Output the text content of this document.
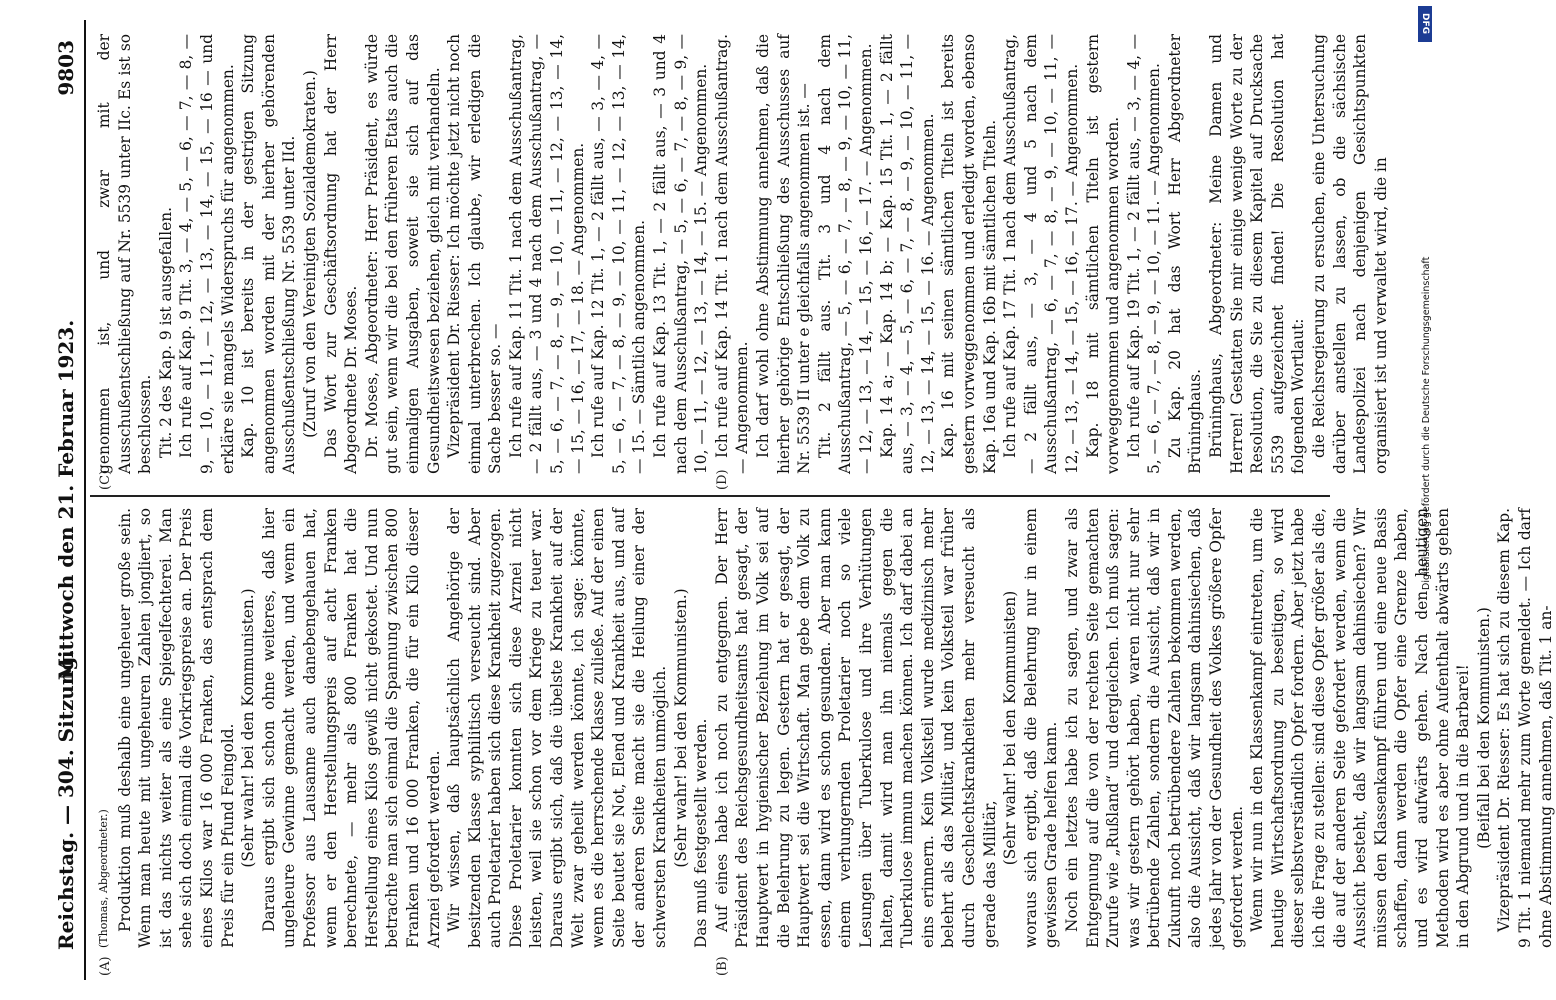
Reichstag. — 304. Sitzung.
Mittwoch den 21. Februar 1923.
9803
(A)	(B)
(C)	(D)

(Thomas, Abgeordneter.) Produktion muß deshalb eine ungeheuer große sein. Wenn man heute mit ungeheuren Zahlen jongliert, so ist das nichts weiter als eine Spiegelfechterei. Man sehe sich doch einmal die Vorkriegspreise an. Der Preis eines Kilos war 16 000 Franken, das entsprach dem Preis für ein Pfund Feingold. (Sehr wahr! bei den Kommunisten.) Daraus ergibt sich schon ohne weiteres, daß hier ungeheure Gewinne gemacht werden, und wenn ein Professor aus Lausanne auch danebengehauen hat, wenn er den Herstellungspreis auf acht Franken berechnete, — mehr als 800 Franken hat die Herstellung eines Kilos gewiß nicht gekostet. Und nun betrachte man sich einmal die Spannung zwischen 800 Franken und 16 000 Franken, die für ein Kilo dieser Arznei gefordert werden. Wir wissen, daß hauptsächlich Angehörige der besitzenden Klasse syphilitisch verseucht sind. Aber auch Proletarier haben sich diese Krankheit zugezogen. Diese Proletarier konnten sich diese Arznei nicht leisten, weil sie schon vor dem Kriege zu teuer war. Daraus ergibt sich, daß die übelste Krankheit auf der Welt zwar geheilt werden könnte, ich sage: könnte, wenn es die herrschende Klasse zuließe. Auf der einen Seite beutet sie Not, Elend und Krankheit aus, und auf der anderen Seite macht sie die Heilung einer der schwersten Krankheiten unmöglich. (Sehr wahr! bei den Kommunisten.) Das muß festgestellt werden. Auf eines habe ich noch zu entgegnen. Der Herr Präsident des Reichsgesundheitsamts hat gesagt, der Hauptwert in hygienischer Beziehung im Volk sei auf die Belehrung zu legen. Gestern hat er gesagt, der Hauptwert sei die Wirtschaft. Man gebe dem Volk zu essen, dann wird es schon gesunden. Aber man kann einem verhungernden Proletarier noch so viele Lesungen über Tuberkulose und ihre Verhütungen halten, damit wird man ihn niemals gegen die Tuberkulose immun machen können. Ich darf dabei an eins erinnern. Kein Volksteil wurde medizinisch mehr belehrt als das Militär, und kein Volksteil war früher durch Geschlechtskrankheiten mehr verseucht als gerade das Militär,

(Sehr wahr! bei den Kommunisten) woraus sich ergibt, daß die Belehrung nur in einem gewissen Grade helfen kann. Noch ein letztes habe ich zu sagen, und zwar als Entgegnung auf die von der rechten Seite gemachten Zurufe wie „Rußland“ und dergleichen. Ich muß sagen: was wir gestern gehört haben, waren nicht nur sehr betrübende Zahlen, sondern die Aussicht, daß wir in Zukunft noch betrübendere Zahlen bekommen werden, also die Aussicht, daß wir langsam dahinsiechen, daß jedes Jahr von der Gesundheit des Volkes größere Opfer gefordert werden. Wenn wir nun in den Klassenkampf eintreten, um die heutige Wirtschaftsordnung zu beseitigen, so wird dieser selbstverständlich Opfer fordern. Aber jetzt habe ich die Frage zu stellen: sind diese Opfer größer als die, die auf der anderen Seite gefordert werden, wenn die Aussicht besteht, daß wir langsam dahinsiechen? Wir müssen den Klassenkampf führen und eine neue Basis schaffen, dann werden die Opfer eine Grenze haben, und es wird aufwärts gehen. Nach den heutigen Methoden wird es aber ohne Aufenthalt abwärts gehen in den Abgrund und in die Barbarei! (Beifall bei den Kommunisten.) Vizepräsident Dr. Riesser: Es hat sich zu diesem Kap. 9 Tit. 1 niemand mehr zum Worte gemeldet. — Ich darf ohne Abstimmung annehmen, daß Tit. 1 an-

genommen ist, und zwar mit der Ausschußentschließung auf Nr. 5539 unter IIc. Es ist so beschlossen. Tit. 2 des Kap. 9 ist ausgefallen. Ich rufe auf Kap. 9 Tit. 3, — 4, — 5, — 6, — 7, — 8, — 9, — 10, — 11, — 12, — 13, — 14, — 15, — 16 — und erkläre sie mangels Widerspruchs für angenommen. Kap. 10 ist bereits in der gestrigen Sitzung angenommen worden mit der hierher gehörenden Ausschußentschließung Nr. 5539 unter IId. (Zuruf von den Vereinigten Sozialdemokraten.) Das Wort zur Geschäftsordnung hat der Herr Abgeordnete Dr. Moses. Dr. Moses, Abgeordneter: Herr Präsident, es würde gut sein, wenn wir die bei den früheren Etats auch die einmaligen Ausgaben, soweit sie sich auf das Gesundheitswesen beziehen, gleich mit verhandeln. Vizepräsident Dr. Riesser: Ich möchte jetzt nicht noch einmal unterbrechen. Ich glaube, wir erledigen die Sache besser so. — Ich rufe auf Kap. 11 Tit. 1 nach dem Ausschußantrag, — 2 fällt aus, — 3 und 4 nach dem Ausschußantrag, — 5, — 6, — 7, — 8, — 9, — 10, — 11, — 12, — 13, — 14, — 15, — 16, — 17, — 18. — Angenommen. Ich rufe auf Kap. 12 Tit. 1, — 2 fällt aus, — 3, — 4, — 5, — 6, — 7, — 8, — 9, — 10, — 11, — 12, — 13, — 14, — 15. — Sämtlich angenommen. Ich rufe auf Kap. 13 Tit. 1, — 2 fällt aus, — 3 und 4 nach dem Ausschußantrag, — 5, — 6, — 7, — 8, — 9, — 10, — 11, — 12, — 13, — 14, — 15. — Angenommen. Ich rufe auf Kap. 14 Tit. 1 nach dem Ausschußantrag. — Angenommen. Ich darf wohl ohne Abstimmung annehmen, daß die hierher gehörige Entschließung des Ausschusses auf Nr. 5539 II unter e gleichfalls angenommen ist. — Tit. 2 fällt aus. Tit. 3 und 4 nach dem Ausschußantrag, — 5, — 6, — 7, — 8, — 9, — 10, — 11, — 12, — 13, — 14, — 15, — 16, — 17. — Angenommen. Kap. 14 a; — Kap. 14 b; — Kap. 15 Tit. 1, — 2 fällt aus, — 3, — 4, — 5, — 6, — 7, — 8, — 9, — 10, — 11, — 12, — 13, — 14, — 15, — 16. — Angenommen. Kap. 16 mit seinen sämtlichen Titeln ist bereits gestern vorweggenommen und erledigt worden, ebenso Kap. 16a und Kap. 16b mit sämtlichen Titeln. Ich rufe auf Kap. 17 Tit. 1 nach dem Ausschußantrag, — 2 fällt aus, — 3, — 4 und 5 nach dem Ausschußantrag, — 6, — 7, — 8, — 9, — 10, — 11, — 12, — 13, — 14, — 15, — 16, — 17. — Angenommen. Kap. 18 mit sämtlichen Titeln ist gestern vorweggenommen und angenommen worden. Ich rufe auf Kap. 19 Tit. 1, — 2 fällt aus, — 3, — 4, — 5, — 6, — 7, — 8, — 9, — 10, — 11. — Angenommen. Zu Kap. 20 hat das Wort Herr Abgeordneter Brüninghaus. Brüninghaus, Abgeordneter: Meine Damen und Herren! Gestatten Sie mir einige wenige Worte zu der Resolution, die Sie zu diesem Kapitel auf Drucksache 5539 aufgezeichnet finden! Die Resolution hat folgenden Wortlaut: die Reichsregierung zu ersuchen, eine Untersuchung darüber anstellen zu lassen, ob die sächsische Landespolizei nach denjenigen Gesichtspunkten organisiert ist und verwaltet wird, die in

DFG
Digitalisierung gefördert durch die Deutsche Forschungsgemeinschaft
